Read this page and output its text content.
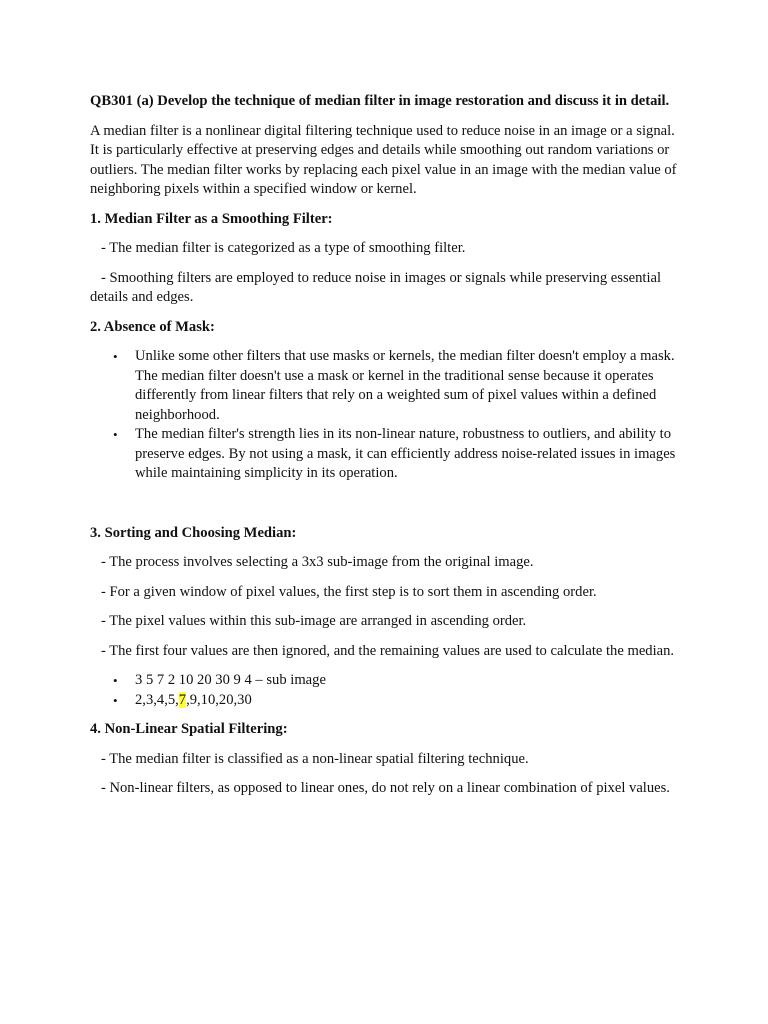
QB301 (a) Develop the technique of median filter in image restoration and discuss it in detail.
A median filter is a nonlinear digital filtering technique used to reduce noise in an image or a signal. It is particularly effective at preserving edges and details while smoothing out random variations or outliers. The median filter works by replacing each pixel value in an image with the median value of neighboring pixels within a specified window or kernel.
1. Median Filter as a Smoothing Filter:
- The median filter is categorized as a type of smoothing filter.
- Smoothing filters are employed to reduce noise in images or signals while preserving essential details and edges.
2. Absence of Mask:
• Unlike some other filters that use masks or kernels, the median filter doesn't employ a mask. The median filter doesn't use a mask or kernel in the traditional sense because it operates differently from linear filters that rely on a weighted sum of pixel values within a defined neighborhood.
• The median filter's strength lies in its non-linear nature, robustness to outliers, and ability to preserve edges. By not using a mask, it can efficiently address noise-related issues in images while maintaining simplicity in its operation.
3. Sorting and Choosing Median:
- The process involves selecting a 3x3 sub-image from the original image.
- For a given window of pixel values, the first step is to sort them in ascending order.
- The pixel values within this sub-image are arranged in ascending order.
- The first four values are then ignored, and the remaining values are used to calculate the median.
• 3 5 7 2 10 20 30 9 4 – sub image
• 2,3,4,5,7,9,10,20,30
4. Non-Linear Spatial Filtering:
- The median filter is classified as a non-linear spatial filtering technique.
- Non-linear filters, as opposed to linear ones, do not rely on a linear combination of pixel values.
